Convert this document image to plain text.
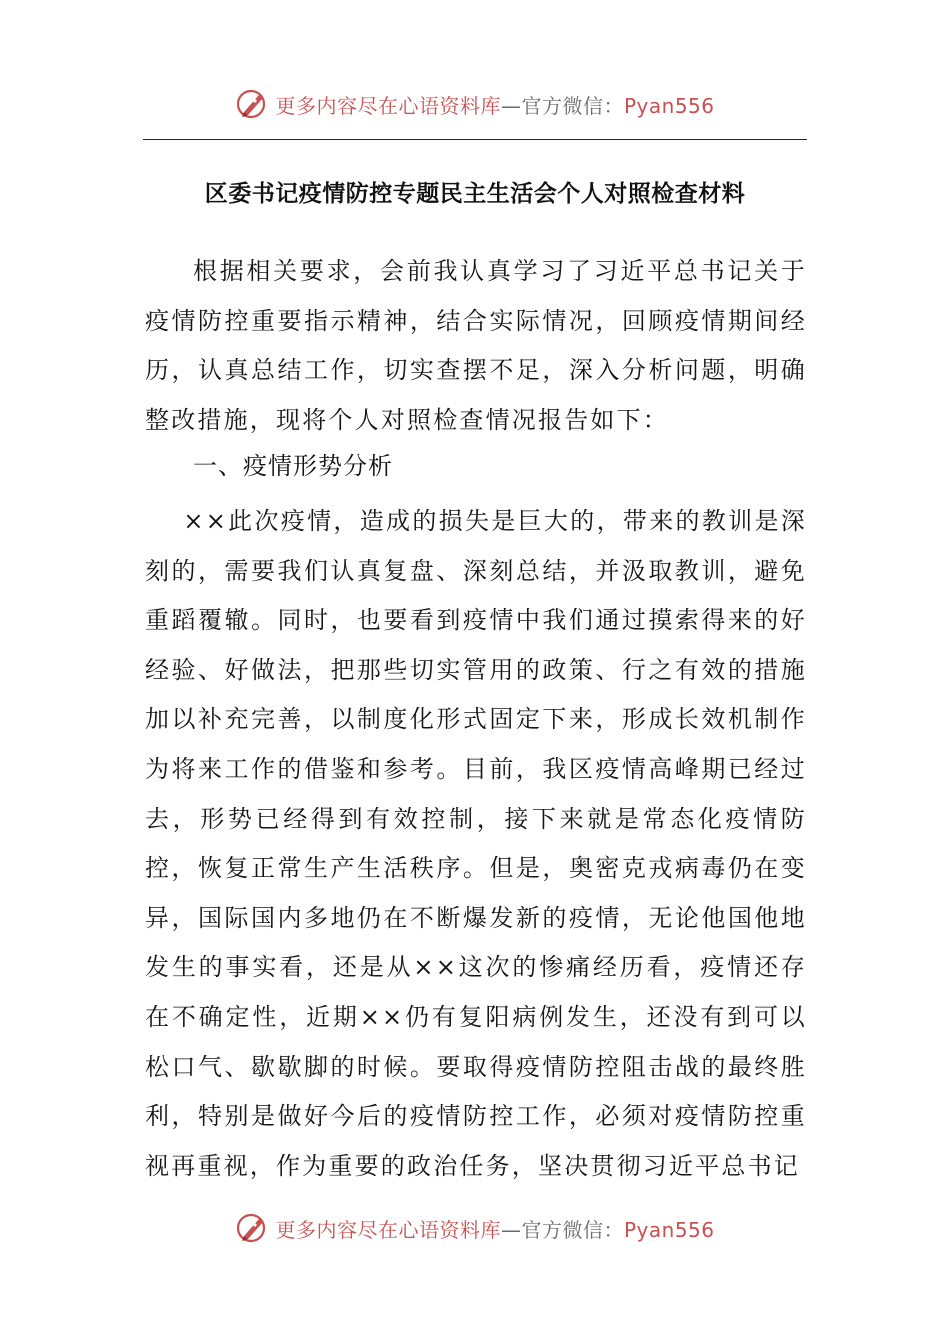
更多内容尽在心语资料库—官方微信：Pyan556
区委书记疫情防控专题民主生活会个人对照检查材料

根据相关要求，会前我认真学习了习近平总书记关于疫情防控重要指示精神，结合实际情况，回顾疫情期间经历，认真总结工作，切实查摆不足，深入分析问题，明确整改措施，现将个人对照检查情况报告如下：

一、疫情形势分析

××此次疫情，造成的损失是巨大的，带来的教训是深刻的，需要我们认真复盘、深刻总结，并汲取教训，避免重蹈覆辙。同时，也要看到疫情中我们通过摸索得来的好经验、好做法，把那些切实管用的政策、行之有效的措施加以补充完善，以制度化形式固定下来，形成长效机制作为将来工作的借鉴和参考。目前，我区疫情高峰期已经过去，形势已经得到有效控制，接下来就是常态化疫情防控，恢复正常生产生活秩序。但是，奥密克戎病毒仍在变异，国际国内多地仍在不断爆发新的疫情，无论他国他地发生的事实看，还是从××这次的惨痛经历看，疫情还存在不确定性，近期××仍有复阳病例发生，还没有到可以松口气、歇歇脚的时候。要取得疫情防控阻击战的最终胜利，特别是做好今后的疫情防控工作，必须对疫情防控重视再重视，作为重要的政治任务，坚决贯彻习近平总书记

更多内容尽在心语资料库—官方微信：Pyan556
